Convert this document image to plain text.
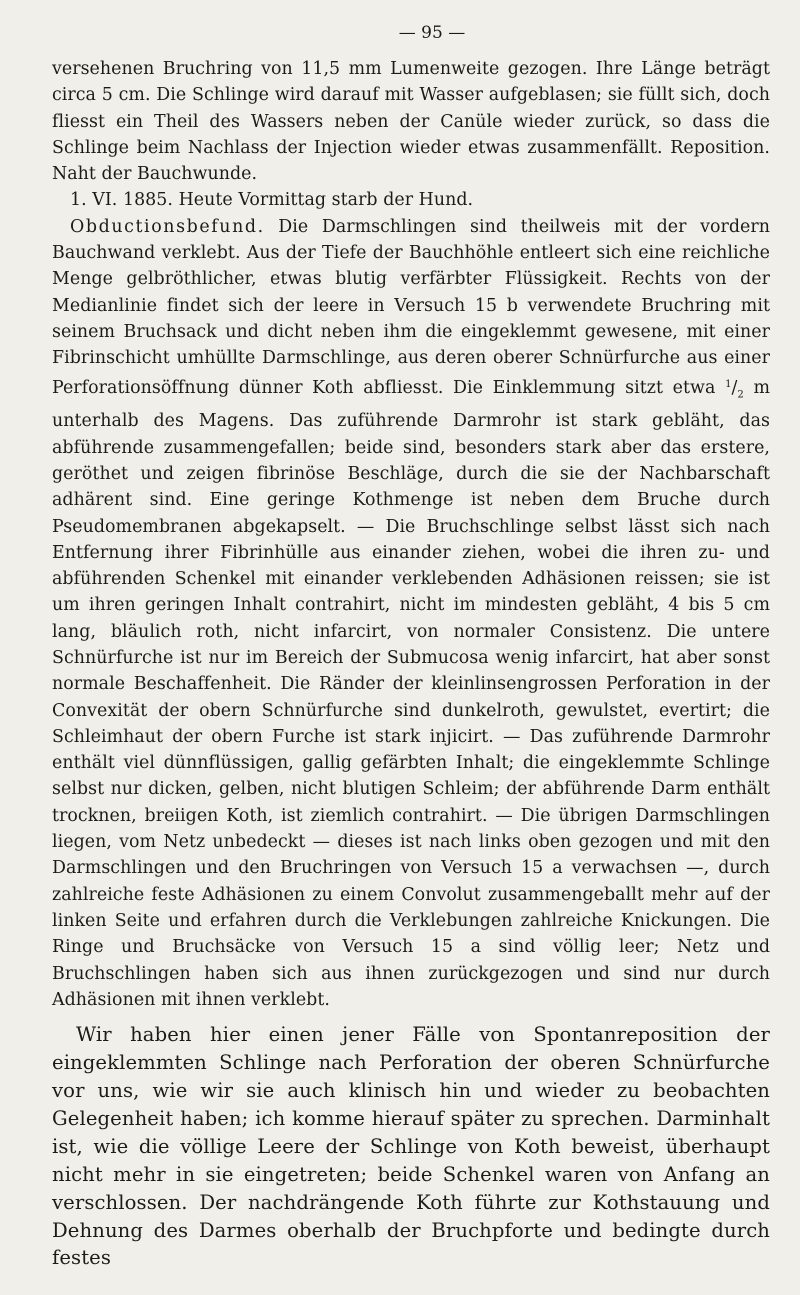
— 95 —

versehenen Bruchring von 11,5 mm Lumenweite gezogen. Ihre Länge beträgt circa 5 cm. Die Schlinge wird darauf mit Wasser aufgeblasen; sie füllt sich, doch fliesst ein Theil des Wassers neben der Canüle wieder zurück, so dass die Schlinge beim Nachlass der Injection wieder etwas zusammenfällt. Reposition. Naht der Bauchwunde.

1. VI. 1885. Heute Vormittag starb der Hund.

Obductionsbefund. Die Darmschlingen sind theilweis mit der vordern Bauchwand verklebt. Aus der Tiefe der Bauchhöhle entleert sich eine reichliche Menge gelbröthlicher, etwas blutig verfärbter Flüssigkeit. Rechts von der Medianlinie findet sich der leere in Versuch 15 b verwendete Bruchring mit seinem Bruchsack und dicht neben ihm die eingeklemmt gewesene, mit einer Fibrinschicht umhüllte Darmschlinge, aus deren oberer Schnürfurche aus einer Perforationsöffnung dünner Koth abfliesst. Die Einklemmung sitzt etwa $^1/_2$ m unterhalb des Magens. Das zuführende Darmrohr ist stark gebläht, das abführende zusammengefallen; beide sind, besonders stark aber das erstere, geröthet und zeigen fibrinöse Beschläge, durch die sie der Nachbarschaft adhärent sind. Eine geringe Kothmenge ist neben dem Bruche durch Pseudomembranen abgekapselt. — Die Bruchschlinge selbst lässt sich nach Entfernung ihrer Fibrinhülle aus einander ziehen, wobei die ihren zu- und abführenden Schenkel mit einander verklebenden Adhäsionen reissen; sie ist um ihren geringen Inhalt contrahirt, nicht im mindesten gebläht, 4 bis 5 cm lang, bläulich roth, nicht infarcirt, von normaler Consistenz. Die untere Schnürfurche ist nur im Bereich der Submucosa wenig infarcirt, hat aber sonst normale Beschaffenheit. Die Ränder der kleinlinsengrossen Perforation in der Convexität der obern Schnürfurche sind dunkelroth, gewulstet, evertirt; die Schleimhaut der obern Furche ist stark injicirt. — Das zuführende Darmrohr enthält viel dünnflüssigen, gallig gefärbten Inhalt; die eingeklemmte Schlinge selbst nur dicken, gelben, nicht blutigen Schleim; der abführende Darm enthält trocknen, breiigen Koth, ist ziemlich contrahirt. — Die übrigen Darmschlingen liegen, vom Netz unbedeckt — dieses ist nach links oben gezogen und mit den Darmschlingen und den Bruchringen von Versuch 15 a verwachsen —, durch zahlreiche feste Adhäsionen zu einem Convolut zusammengeballt mehr auf der linken Seite und erfahren durch die Verklebungen zahlreiche Knickungen. Die Ringe und Bruchsäcke von Versuch 15 a sind völlig leer; Netz und Bruchschlingen haben sich aus ihnen zurückgezogen und sind nur durch Adhäsionen mit ihnen verklebt.

Wir haben hier einen jener Fälle von Spontanreposition der eingeklemmten Schlinge nach Perforation der oberen Schnürfurche vor uns, wie wir sie auch klinisch hin und wieder zu beobachten Gelegenheit haben; ich komme hierauf später zu sprechen. Darminhalt ist, wie die völlige Leere der Schlinge von Koth beweist, überhaupt nicht mehr in sie eingetreten; beide Schenkel waren von Anfang an verschlossen. Der nachdrängende Koth führte zur Kothstauung und Dehnung des Darmes oberhalb der Bruchpforte und bedingte durch festes
